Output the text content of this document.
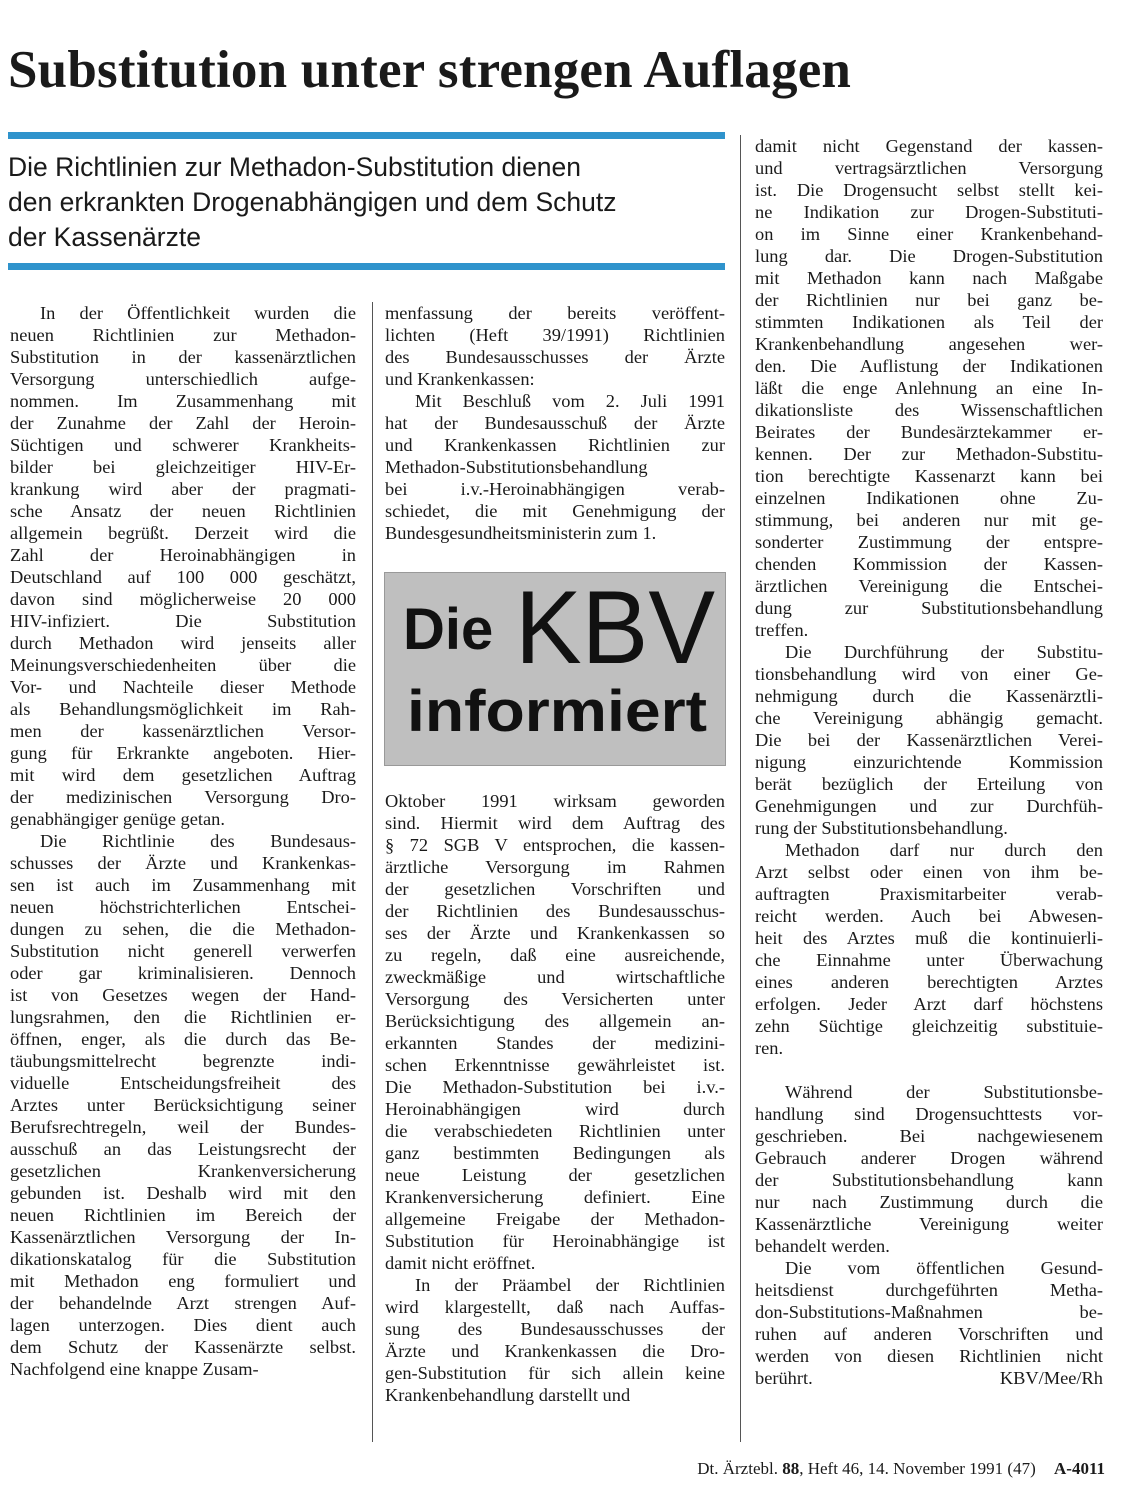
Substitution unter strengen Auflagen
Die Richtlinien zur Methadon-Substitution dienen
den erkrankten Drogenabhängigen und dem Schutz
der Kassenärzte
In der Öffentlichkeit wurden die
neuen Richtlinien zur Methadon-
Substitution in der kassenärztlichen
Versorgung unterschiedlich aufge-
nommen. Im Zusammenhang mit
der Zunahme der Zahl der Heroin-
Süchtigen und schwerer Krankheits-
bilder bei gleichzeitiger HIV-Er-
krankung wird aber der pragmati-
sche Ansatz der neuen Richtlinien
allgemein begrüßt. Derzeit wird die
Zahl der Heroinabhängigen in
Deutschland auf 100 000 geschätzt,
davon sind möglicherweise 20 000
HIV-infiziert. Die Substitution
durch Methadon wird jenseits aller
Meinungsverschiedenheiten über die
Vor- und Nachteile dieser Methode
als Behandlungsmöglichkeit im Rah-
men der kassenärztlichen Versor-
gung für Erkrankte angeboten. Hier-
mit wird dem gesetzlichen Auftrag
der medizinischen Versorgung Dro-
genabhängiger genüge getan.
Die Richtlinie des Bundesaus-
schusses der Ärzte und Krankenkas-
sen ist auch im Zusammenhang mit
neuen höchstrichterlichen Entschei-
dungen zu sehen, die die Methadon-
Substitution nicht generell verwerfen
oder gar kriminalisieren. Dennoch
ist von Gesetzes wegen der Hand-
lungsrahmen, den die Richtlinien er-
öffnen, enger, als die durch das Be-
täubungsmittelrecht begrenzte indi-
viduelle Entscheidungsfreiheit des
Arztes unter Berücksichtigung seiner
Berufsrechtregeln, weil der Bundes-
ausschuß an das Leistungsrecht der
gesetzlichen Krankenversicherung
gebunden ist. Deshalb wird mit den
neuen Richtlinien im Bereich der
Kassenärztlichen Versorgung der In-
dikationskatalog für die Substitution
mit Methadon eng formuliert und
der behandelnde Arzt strengen Auf-
lagen unterzogen. Dies dient auch
dem Schutz der Kassenärzte selbst.
Nachfolgend eine knappe Zusam-
menfassung der bereits veröffent-
lichten (Heft 39/1991) Richtlinien
des Bundesausschusses der Ärzte
und Krankenkassen:
Mit Beschluß vom 2. Juli 1991
hat der Bundesausschuß der Ärzte
und Krankenkassen Richtlinien zur
Methadon-Substitutionsbehandlung
bei i.v.-Heroinabhängigen verab-
schiedet, die mit Genehmigung der
Bundesgesundheitsministerin zum 1.
Die KBV
informiert
Oktober 1991 wirksam geworden
sind. Hiermit wird dem Auftrag des
§ 72 SGB V entsprochen, die kassen-
ärztliche Versorgung im Rahmen
der gesetzlichen Vorschriften und
der Richtlinien des Bundesausschus-
ses der Ärzte und Krankenkassen so
zu regeln, daß eine ausreichende,
zweckmäßige und wirtschaftliche
Versorgung des Versicherten unter
Berücksichtigung des allgemein an-
erkannten Standes der medizini-
schen Erkenntnisse gewährleistet ist.
Die Methadon-Substitution bei i.v.-
Heroinabhängigen wird durch
die verabschiedeten Richtlinien unter
ganz bestimmten Bedingungen als
neue Leistung der gesetzlichen
Krankenversicherung definiert. Eine
allgemeine Freigabe der Methadon-
Substitution für Heroinabhängige ist
damit nicht eröffnet.
In der Präambel der Richtlinien
wird klargestellt, daß nach Auffas-
sung des Bundesausschusses der
Ärzte und Krankenkassen die Dro-
gen-Substitution für sich allein keine
Krankenbehandlung darstellt und
damit nicht Gegenstand der kassen-
und vertragsärztlichen Versorgung
ist. Die Drogensucht selbst stellt kei-
ne Indikation zur Drogen-Substituti-
on im Sinne einer Krankenbehand-
lung dar. Die Drogen-Substitution
mit Methadon kann nach Maßgabe
der Richtlinien nur bei ganz be-
stimmten Indikationen als Teil der
Krankenbehandlung angesehen wer-
den. Die Auflistung der Indikationen
läßt die enge Anlehnung an eine In-
dikationsliste des Wissenschaftlichen
Beirates der Bundesärztekammer er-
kennen. Der zur Methadon-Substitu-
tion berechtigte Kassenarzt kann bei
einzelnen Indikationen ohne Zu-
stimmung, bei anderen nur mit ge-
sonderter Zustimmung der entspre-
chenden Kommission der Kassen-
ärztlichen Vereinigung die Entschei-
dung zur Substitutionsbehandlung
treffen.
Die Durchführung der Substitu-
tionsbehandlung wird von einer Ge-
nehmigung durch die Kassenärztli-
che Vereinigung abhängig gemacht.
Die bei der Kassenärztlichen Verei-
nigung einzurichtende Kommission
berät bezüglich der Erteilung von
Genehmigungen und zur Durchfüh-
rung der Substitutionsbehandlung.
Methadon darf nur durch den
Arzt selbst oder einen von ihm be-
auftragten Praxismitarbeiter verab-
reicht werden. Auch bei Abwesen-
heit des Arztes muß die kontinuierli-
che Einnahme unter Überwachung
eines anderen berechtigten Arztes
erfolgen. Jeder Arzt darf höchstens
zehn Süchtige gleichzeitig substituie-
ren.
Während der Substitutionsbe-
handlung sind Drogensuchttests vor-
geschrieben. Bei nachgewiesenem
Gebrauch anderer Drogen während
der Substitutionsbehandlung kann
nur nach Zustimmung durch die
Kassenärztliche Vereinigung weiter
behandelt werden.
Die vom öffentlichen Gesund-
heitsdienst durchgeführten Metha-
don-Substitutions-Maßnahmen be-
ruhen auf anderen Vorschriften und
werden von diesen Richtlinien nicht
berührt.	KBV/Mee/Rh
Dt. Ärztebl. 88, Heft 46, 14. November 1991 (47) A-4011
